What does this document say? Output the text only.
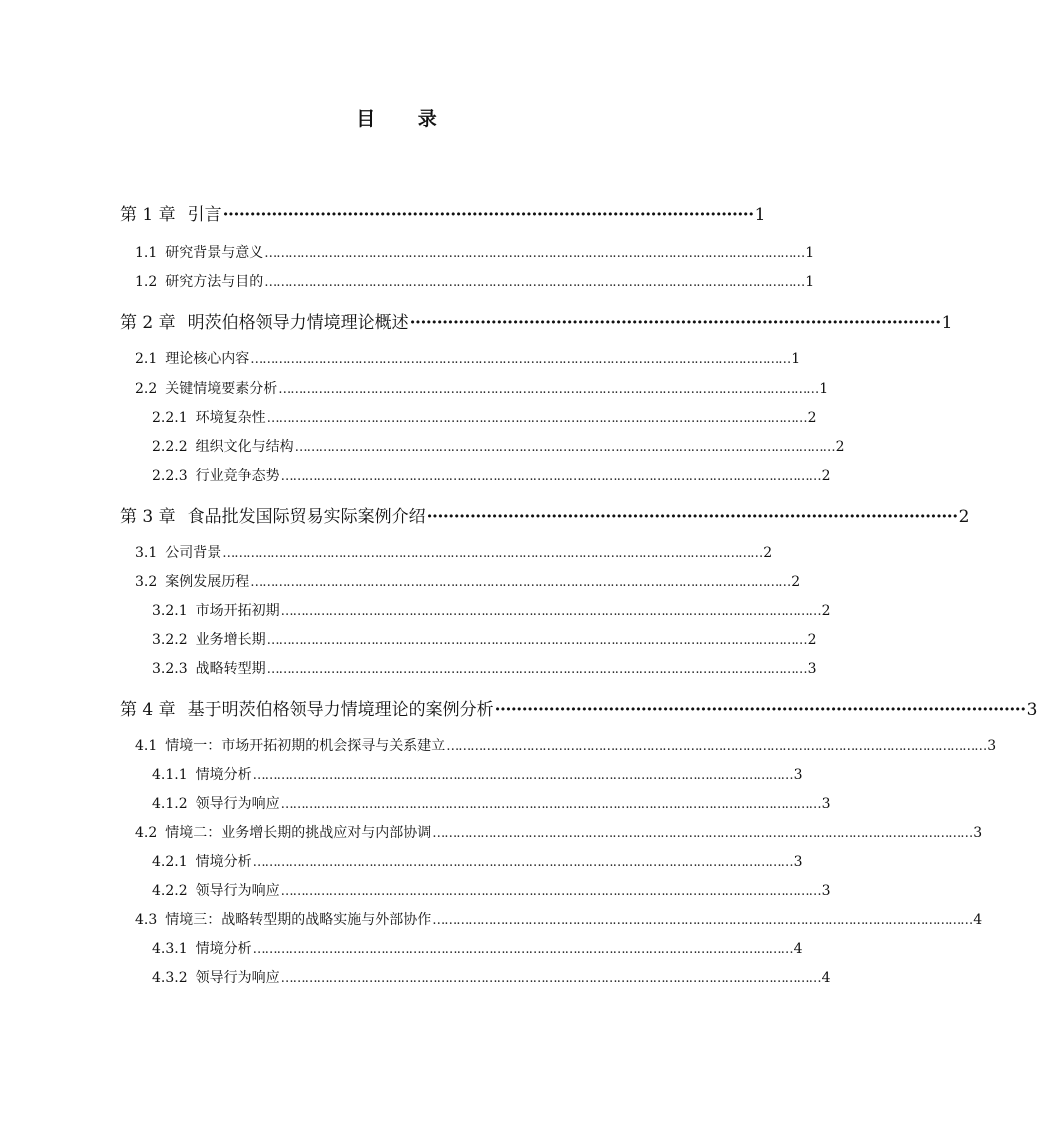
目 录
第 1 章 引言 ·································································································· 1
1.1 研究背景与意义 ……………………………………………………………………………………………………………………… 1
1.2 研究方法与目的 ……………………………………………………………………………………………………………………… 1
第 2 章 明茨伯格领导力情境理论概述 ·································································································· 1
2.1 理论核心内容 ……………………………………………………………………………………………………………………… 1
2.2 关键情境要素分析 ……………………………………………………………………………………………………………………… 1
2.2.1 环境复杂性 ……………………………………………………………………………………………………………………… 2
2.2.2 组织文化与结构 ……………………………………………………………………………………………………………………… 2
2.2.3 行业竞争态势 ……………………………………………………………………………………………………………………… 2
第 3 章 食品批发国际贸易实际案例介绍 ·································································································· 2
3.1 公司背景 ……………………………………………………………………………………………………………………… 2
3.2 案例发展历程 ……………………………………………………………………………………………………………………… 2
3.2.1 市场开拓初期 ……………………………………………………………………………………………………………………… 2
3.2.2 业务增长期 ……………………………………………………………………………………………………………………… 2
3.2.3 战略转型期 ……………………………………………………………………………………………………………………… 3
第 4 章 基于明茨伯格领导力情境理论的案例分析 ·································································································· 3
4.1 情境一：市场开拓初期的机会探寻与关系建立 ……………………………………………………………………………………………………………………… 3
4.1.1 情境分析 ……………………………………………………………………………………………………………………… 3
4.1.2 领导行为响应 ……………………………………………………………………………………………………………………… 3
4.2 情境二：业务增长期的挑战应对与内部协调 ……………………………………………………………………………………………………………………… 3
4.2.1 情境分析 ……………………………………………………………………………………………………………………… 3
4.2.2 领导行为响应 ……………………………………………………………………………………………………………………… 3
4.3 情境三：战略转型期的战略实施与外部协作 ……………………………………………………………………………………………………………………… 4
4.3.1 情境分析 ……………………………………………………………………………………………………………………… 4
4.3.2 领导行为响应 ……………………………………………………………………………………………………………………… 4
